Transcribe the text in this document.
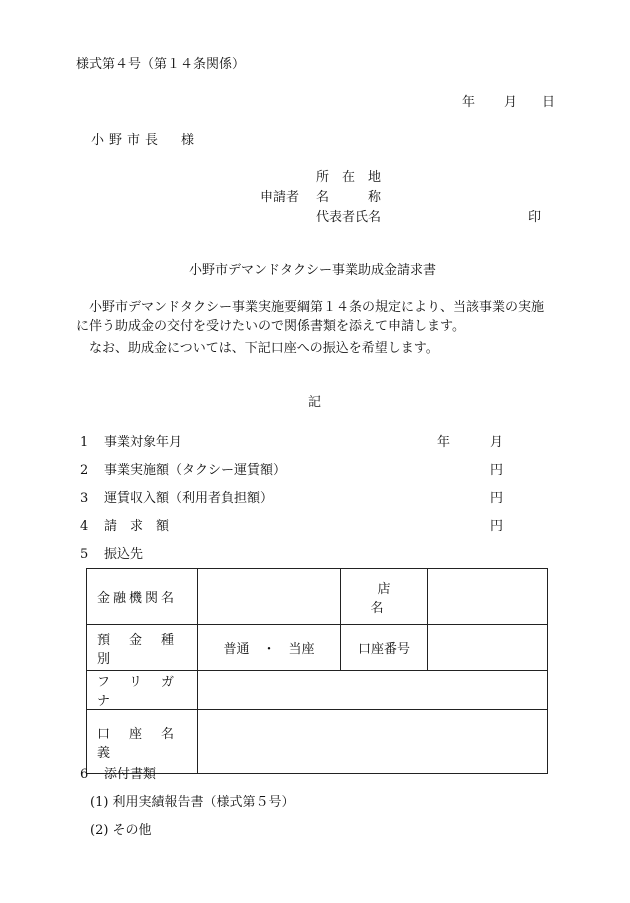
様式第４号（第１４条関係）
年 月 日
小野市長　様
申請者
所　在　地
名　　　称
代表者氏名	印
小野市デマンドタクシー事業助成金請求書
小野市デマンドタクシー事業実施要綱第１４条の規定により、当該事業の実施に伴う助成金の交付を受けたいので関係書類を添えて申請します。
なお、助成金については、下記口座への振込を希望します。
記
1 事業対象年月	年	月
2 事業実施額（タクシー運賃額）	円
3 運賃収入額（利用者負担額）	円
4 請　求　額	円
5 振込先
金融機関名		店　名	
預　金　種　別	普通　・　当座	口座番号	
フ　リ　ガ　ナ			
口　座　名　義			
6 添付書類
(1) 利用実績報告書（様式第５号）
(2) その他
